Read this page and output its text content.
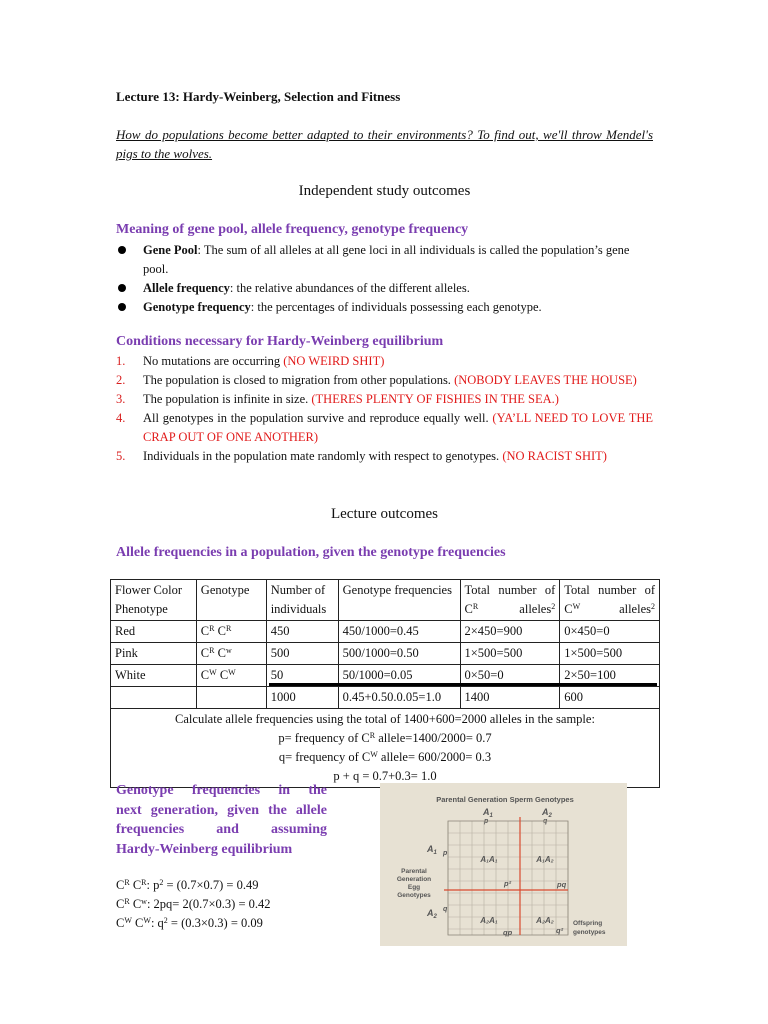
Lecture 13: Hardy-Weinberg, Selection and Fitness
How do populations become better adapted to their environments? To find out, we'll throw Mendel's pigs to the wolves.
Independent study outcomes
Meaning of gene pool, allele frequency, genotype frequency
Gene Pool: The sum of all alleles at all gene loci in all individuals is called the population’s gene pool.
Allele frequency: the relative abundances of the different alleles.
Genotype frequency: the percentages of individuals possessing each genotype.
Conditions necessary for Hardy-Weinberg equilibrium
1. No mutations are occurring (NO WEIRD SHIT)
2. The population is closed to migration from other populations. (NOBODY LEAVES THE HOUSE)
3. The population is infinite in size. (THERES PLENTY OF FISHIES IN THE SEA.)
4. All genotypes in the population survive and reproduce equally well. (YA’LL NEED TO LOVE THE CRAP OUT OF ONE ANOTHER)
5. Individuals in the population mate randomly with respect to genotypes. (NO RACIST SHIT)
Lecture outcomes
Allele frequencies in a population, given the genotype frequencies
Flower Color Phenotype	Genotype	Number of individuals	Genotype frequencies	Total number of $C^R$ alleles$^2$	Total number of $C^W$ alleles$^2$
Red	$C^R$ $C^R$	450	450/1000=0.45	2×450=900	0×450=0
Pink	$C^R$ $C^w$	500	500/1000=0.50	1×500=500	1×500=500
White	$C^W$ $C^W$	50	50/1000=0.05	0×50=0	2×50=100
		1000	0.45+0.50.0.05=1.0	1400	600

Calculate allele frequencies using the total of 1400+600=2000 alleles in the sample:
p= frequency of $C^R$ allele=1400/2000= 0.7
q= frequency of $C^W$ allele= 600/2000= 0.3
p + q = 0.7+0.3= 1.0					
Genotype frequencies in the
next generation, given the allele
frequencies and assuming
Hardy-Weinberg equilibrium
$C^R$ $C^R$: $p^2 = (0.7\times 0.7) = 0.49$
$C^R$ $C^w$: 2pq= 2(0.7×0.3) = 0.42
$C^W$ $C^W$: $q^2 = (0.3\times 0.3) = 0.09$
Parental Generation Sperm Genotypes
$A_1$	$A_2$
p	q
$A_1$ p
$A_2$
q
Parental
Generation
Egg
Genotypes
A₁A₁	A₁A₂
A₂A₁	A₂A₂
p²	pq
qp	q²
Offspring
genotypes
